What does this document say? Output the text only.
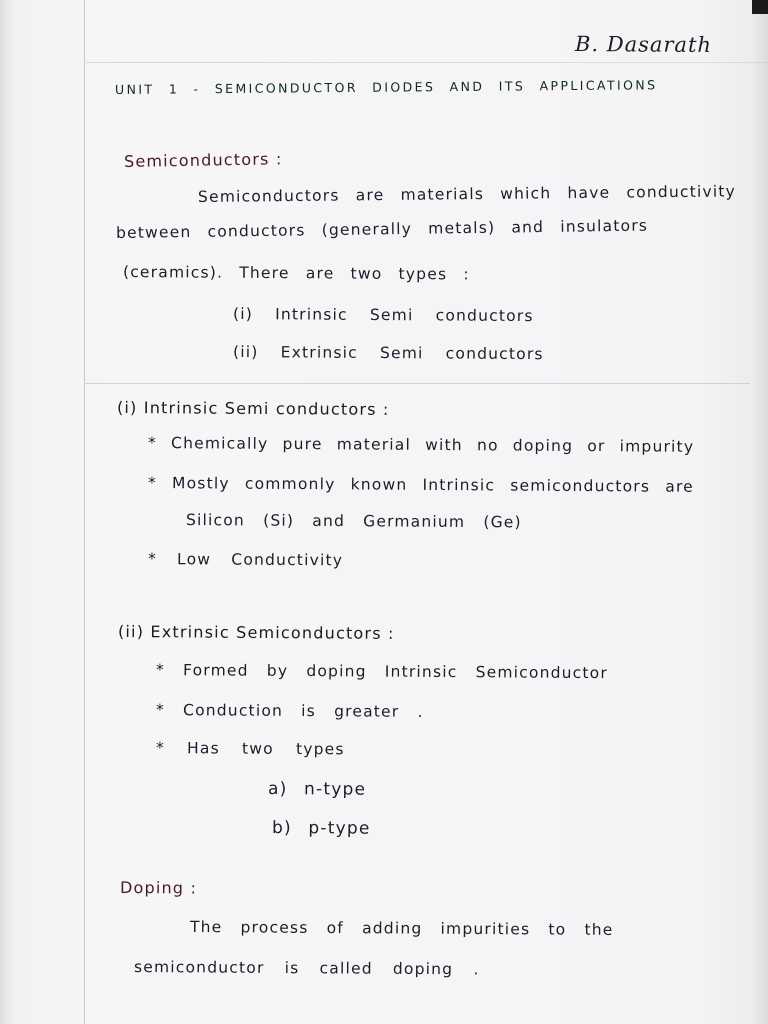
B. Dasarath
UNIT 1 - SEMICONDUCTOR DIODES AND ITS APPLICATIONS
Semiconductors :
Semiconductors are materials which have conductivity
between conductors (generally metals) and insulators
(ceramics). There are two types :
(i) Intrinsic Semi conductors
(ii) Extrinsic Semi conductors
(i) Intrinsic Semi conductors :
* Chemically pure material with no doping or impurity
* Mostly commonly known Intrinsic semiconductors are
Silicon (Si) and Germanium (Ge)
* Low Conductivity
(ii) Extrinsic Semiconductors :
* Formed by doping Intrinsic Semiconductor
* Conduction is greater .
* Has two types
a) n-type
b) p-type
Doping :
The process of adding impurities to the
semiconductor is called doping .
